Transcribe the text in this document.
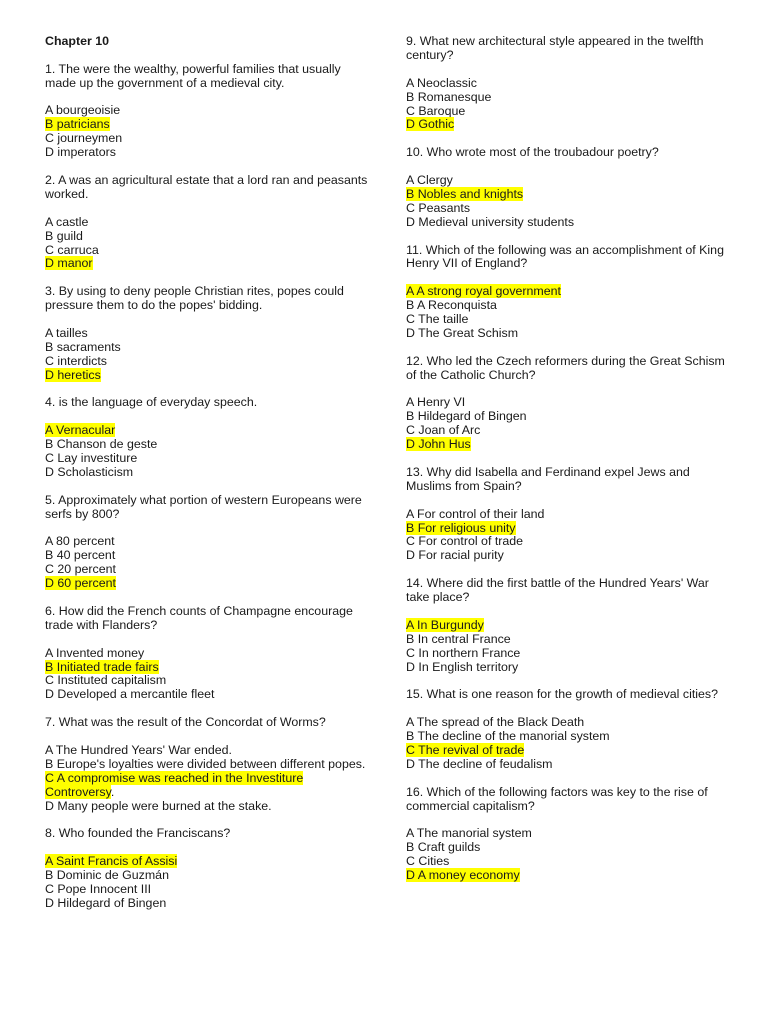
Chapter 10
1. The were the wealthy, powerful families that usually made up the government of a medieval city.
A bourgeoisie
B patricians
C journeymen
D imperators
2. A was an agricultural estate that a lord ran and peasants worked.
A castle
B guild
C carruca
D manor
3. By using to deny people Christian rites, popes could pressure them to do the popes' bidding.
A tailles
B sacraments
C interdicts
D heretics
4. is the language of everyday speech.
A Vernacular
B Chanson de geste
C Lay investiture
D Scholasticism
5. Approximately what portion of western Europeans were serfs by 800?
A 80 percent
B 40 percent
C 20 percent
D 60 percent
6. How did the French counts of Champagne encourage trade with Flanders?
A Invented money
B Initiated trade fairs
C Instituted capitalism
D Developed a mercantile fleet
7. What was the result of the Concordat of Worms?
A The Hundred Years' War ended.
B Europe's loyalties were divided between different popes.
C A compromise was reached in the Investiture Controversy.
D Many people were burned at the stake.
8. Who founded the Franciscans?
A Saint Francis of Assisi
B Dominic de Guzmán
C Pope Innocent III
D Hildegard of Bingen
9. What new architectural style appeared in the twelfth century?
A Neoclassic
B Romanesque
C Baroque
D Gothic
10. Who wrote most of the troubadour poetry?
A Clergy
B Nobles and knights
C Peasants
D Medieval university students
11. Which of the following was an accomplishment of King Henry VII of England?
A A strong royal government
B A Reconquista
C The taille
D The Great Schism
12. Who led the Czech reformers during the Great Schism of the Catholic Church?
A Henry VI
B Hildegard of Bingen
C Joan of Arc
D John Hus
13. Why did Isabella and Ferdinand expel Jews and Muslims from Spain?
A For control of their land
B For religious unity
C For control of trade
D For racial purity
14. Where did the first battle of the Hundred Years' War take place?
A In Burgundy
B In central France
C In northern France
D In English territory
15. What is one reason for the growth of medieval cities?
A The spread of the Black Death
B The decline of the manorial system
C The revival of trade
D The decline of feudalism
16. Which of the following factors was key to the rise of commercial capitalism?
A The manorial system
B Craft guilds
C Cities
D A money economy
